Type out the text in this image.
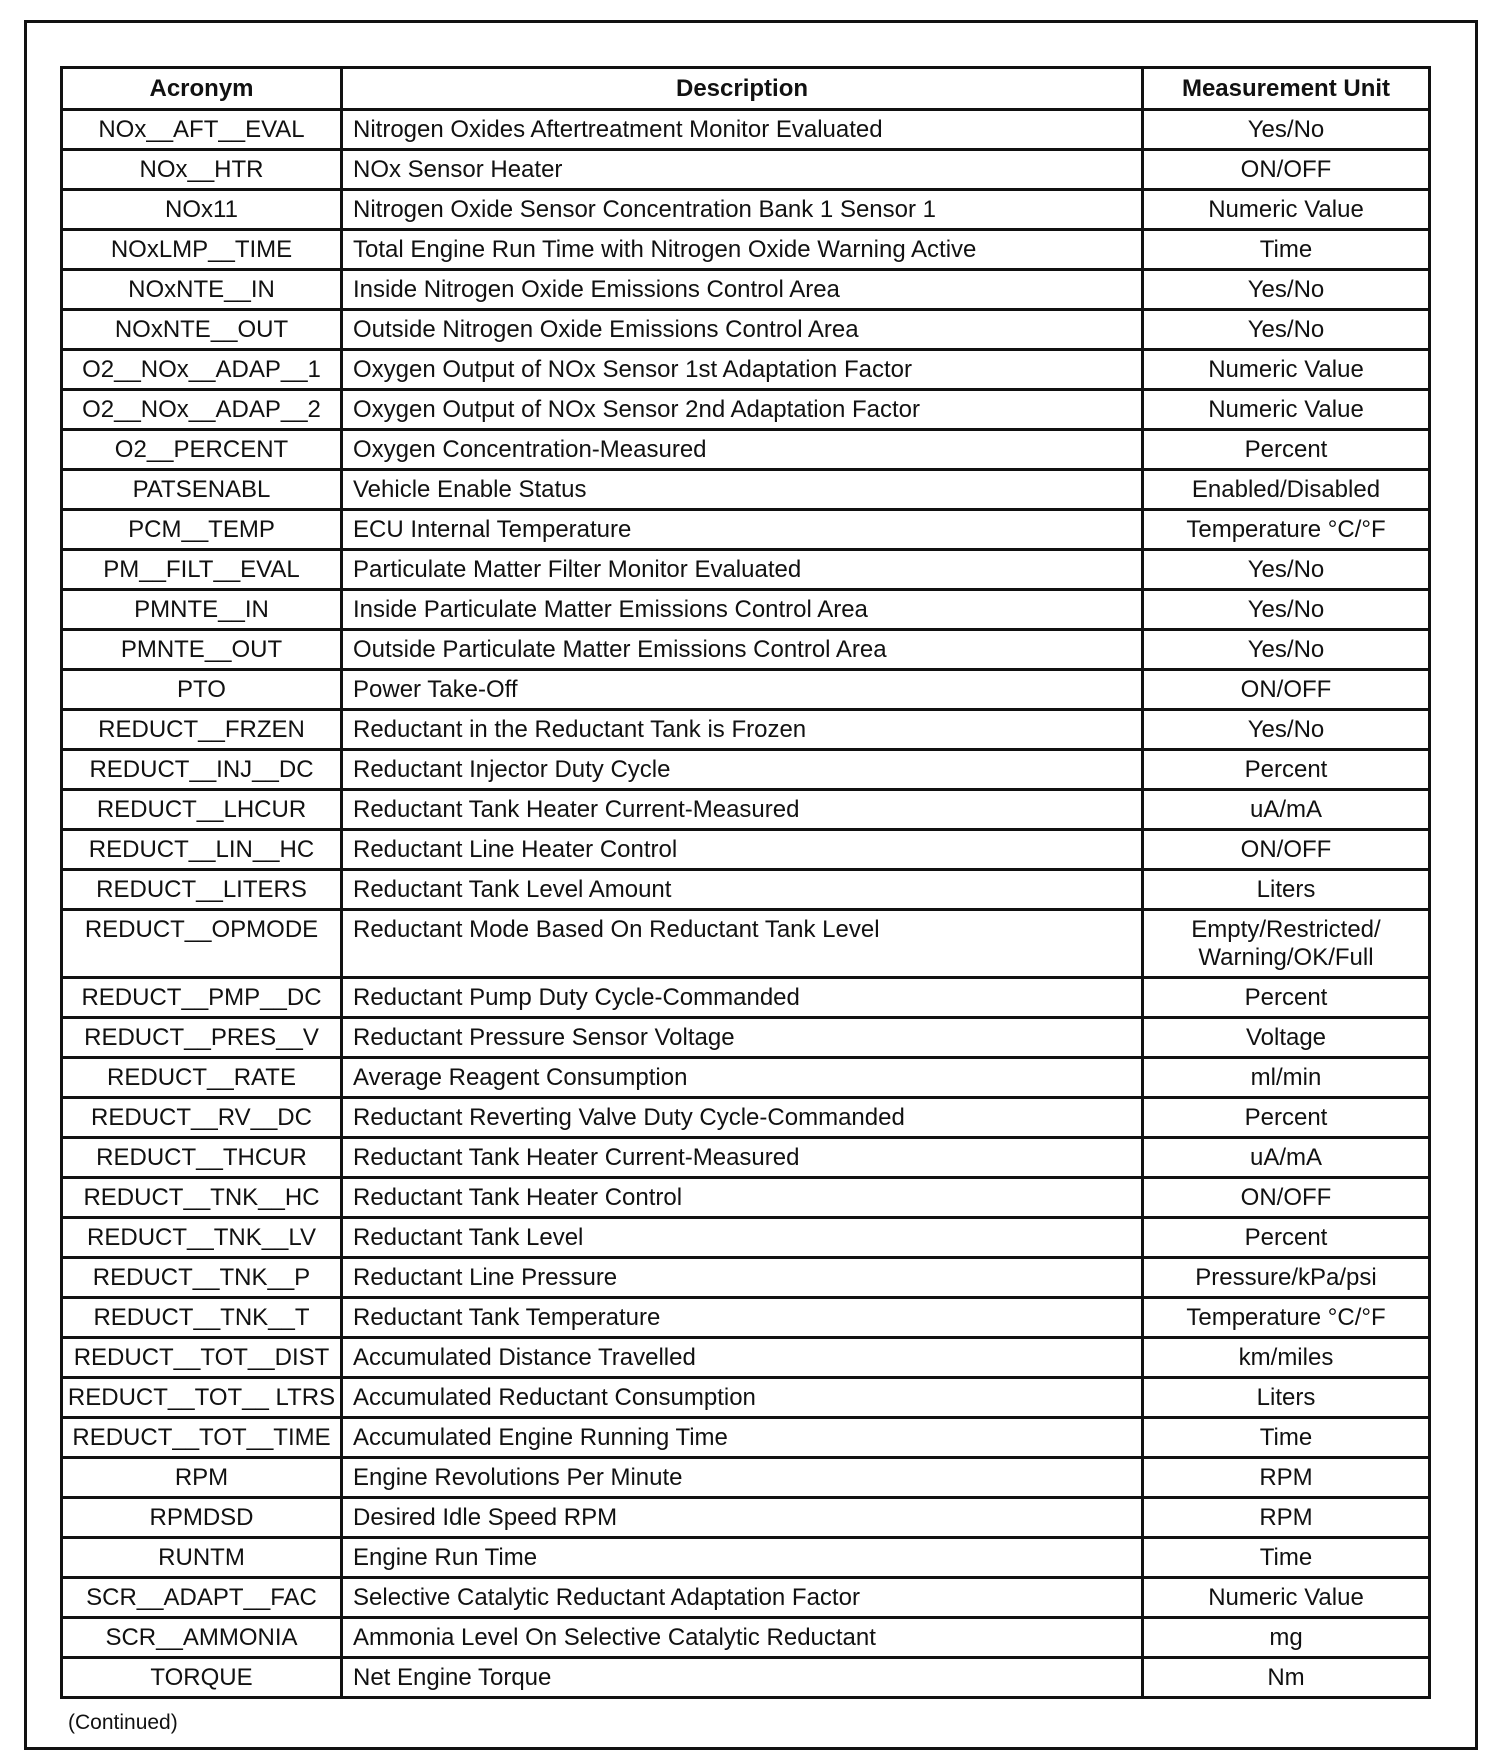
Acronym	Description	Measurement Unit
NOx__AFT__EVAL	Nitrogen Oxides Aftertreatment Monitor Evaluated	Yes/No
NOx__HTR	NOx Sensor Heater	ON/OFF
NOx11	Nitrogen Oxide Sensor Concentration Bank 1 Sensor 1	Numeric Value
NOxLMP__TIME	Total Engine Run Time with Nitrogen Oxide Warning Active	Time
NOxNTE__IN	Inside Nitrogen Oxide Emissions Control Area	Yes/No
NOxNTE__OUT	Outside Nitrogen Oxide Emissions Control Area	Yes/No
O2__NOx__ADAP__1	Oxygen Output of NOx Sensor 1st Adaptation Factor	Numeric Value
O2__NOx__ADAP__2	Oxygen Output of NOx Sensor 2nd Adaptation Factor	Numeric Value
O2__PERCENT	Oxygen Concentration-Measured	Percent
PATSENABL	Vehicle Enable Status	Enabled/Disabled
PCM__TEMP	ECU Internal Temperature	Temperature °C/°F
PM__FILT__EVAL	Particulate Matter Filter Monitor Evaluated	Yes/No
PMNTE__IN	Inside Particulate Matter Emissions Control Area	Yes/No
PMNTE__OUT	Outside Particulate Matter Emissions Control Area	Yes/No
PTO	Power Take-Off	ON/OFF
REDUCT__FRZEN	Reductant in the Reductant Tank is Frozen	Yes/No
REDUCT__INJ__DC	Reductant Injector Duty Cycle	Percent
REDUCT__LHCUR	Reductant Tank Heater Current-Measured	uA/mA
REDUCT__LIN__HC	Reductant Line Heater Control	ON/OFF
REDUCT__LITERS	Reductant Tank Level Amount	Liters
REDUCT__OPMODE	Reductant Mode Based On Reductant Tank Level	Empty/Restricted/ Warning/OK/Full
REDUCT__PMP__DC	Reductant Pump Duty Cycle-Commanded	Percent
REDUCT__PRES__V	Reductant Pressure Sensor Voltage	Voltage
REDUCT__RATE	Average Reagent Consumption	ml/min
REDUCT__RV__DC	Reductant Reverting Valve Duty Cycle-Commanded	Percent
REDUCT__THCUR	Reductant Tank Heater Current-Measured	uA/mA
REDUCT__TNK__HC	Reductant Tank Heater Control	ON/OFF
REDUCT__TNK__LV	Reductant Tank Level	Percent
REDUCT__TNK__P	Reductant Line Pressure	Pressure/kPa/psi
REDUCT__TNK__T	Reductant Tank Temperature	Temperature °C/°F
REDUCT__TOT__DIST	Accumulated Distance Travelled	km/miles
REDUCT__TOT__ LTRS	Accumulated Reductant Consumption	Liters
REDUCT__TOT__TIME	Accumulated Engine Running Time	Time
RPM	Engine Revolutions Per Minute	RPM
RPMDSD	Desired Idle Speed RPM	RPM
RUNTM	Engine Run Time	Time
SCR__ADAPT__FAC	Selective Catalytic Reductant Adaptation Factor	Numeric Value
SCR__AMMONIA	Ammonia Level On Selective Catalytic Reductant	mg
TORQUE	Net Engine Torque	Nm
(Continued)
